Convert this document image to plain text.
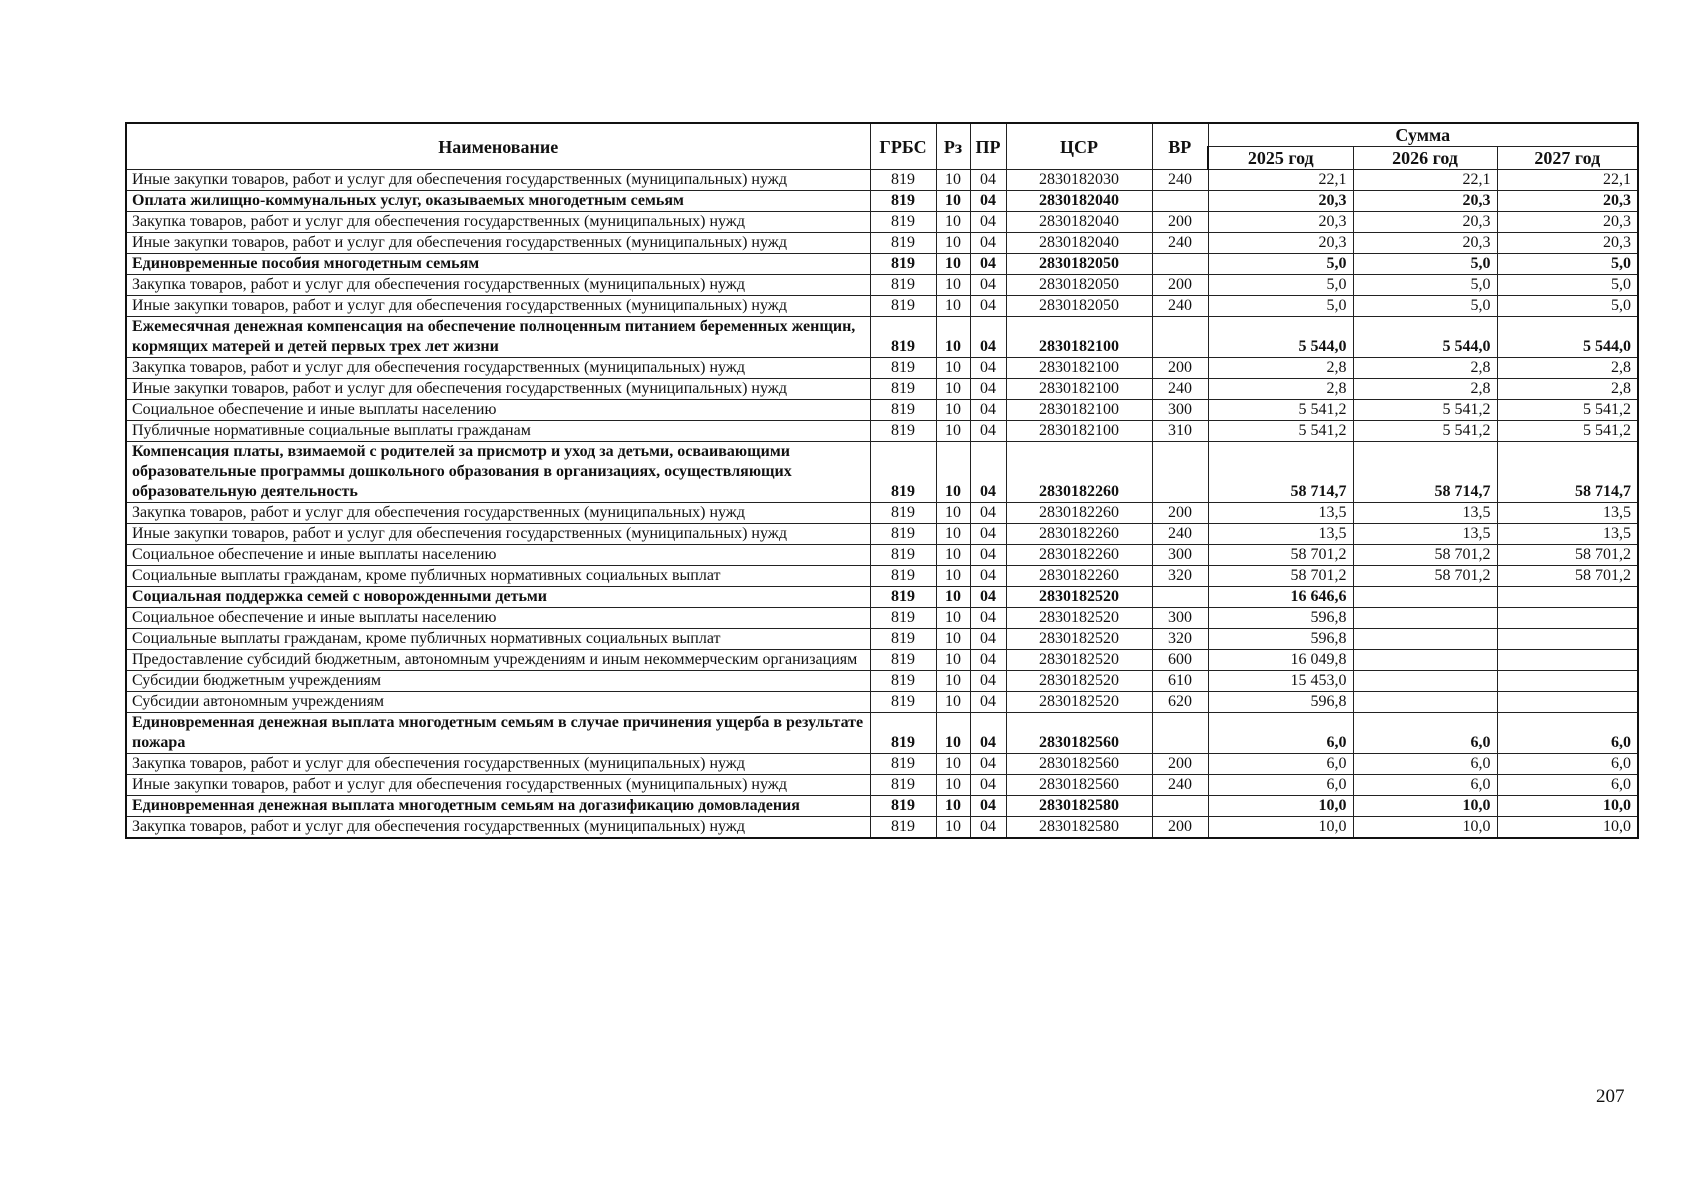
Наименование	ГРБС	Рз	ПР	ЦСР	ВР	Сумма		
						2025 год	2026 год	2027 год
Иные закупки товаров, работ и услуг для обеспечения государственных (муниципальных) нужд	819	10	04	2830182030	240	22,1	22,1	22,1
Оплата жилищно-коммунальных услуг, оказываемых многодетным семьям	819	10	04	2830182040		20,3	20,3	20,3
Закупка товаров, работ и услуг для обеспечения государственных (муниципальных) нужд	819	10	04	2830182040	200	20,3	20,3	20,3
Иные закупки товаров, работ и услуг для обеспечения государственных (муниципальных) нужд	819	10	04	2830182040	240	20,3	20,3	20,3
Единовременные пособия многодетным семьям	819	10	04	2830182050		5,0	5,0	5,0
Закупка товаров, работ и услуг для обеспечения государственных (муниципальных) нужд	819	10	04	2830182050	200	5,0	5,0	5,0
Иные закупки товаров, работ и услуг для обеспечения государственных (муниципальных) нужд	819	10	04	2830182050	240	5,0	5,0	5,0
Ежемесячная денежная компенсация на обеспечение полноценным питанием беременных женщин, кормящих матерей и детей первых трех лет жизни	819	10	04	2830182100		5 544,0	5 544,0	5 544,0
Закупка товаров, работ и услуг для обеспечения государственных (муниципальных) нужд	819	10	04	2830182100	200	2,8	2,8	2,8
Иные закупки товаров, работ и услуг для обеспечения государственных (муниципальных) нужд	819	10	04	2830182100	240	2,8	2,8	2,8
Социальное обеспечение и иные выплаты населению	819	10	04	2830182100	300	5 541,2	5 541,2	5 541,2
Публичные нормативные социальные выплаты гражданам	819	10	04	2830182100	310	5 541,2	5 541,2	5 541,2
Компенсация платы, взимаемой с родителей за присмотр и уход за детьми, осваивающими образовательные программы дошкольного образования в организациях, осуществляющих образовательную деятельность	819	10	04	2830182260		58 714,7	58 714,7	58 714,7
Закупка товаров, работ и услуг для обеспечения государственных (муниципальных) нужд	819	10	04	2830182260	200	13,5	13,5	13,5
Иные закупки товаров, работ и услуг для обеспечения государственных (муниципальных) нужд	819	10	04	2830182260	240	13,5	13,5	13,5
Социальное обеспечение и иные выплаты населению	819	10	04	2830182260	300	58 701,2	58 701,2	58 701,2
Социальные выплаты гражданам, кроме публичных нормативных социальных выплат	819	10	04	2830182260	320	58 701,2	58 701,2	58 701,2
Социальная поддержка семей с новорожденными детьми	819	10	04	2830182520		16 646,6		
Социальное обеспечение и иные выплаты населению	819	10	04	2830182520	300	596,8		
Социальные выплаты гражданам, кроме публичных нормативных социальных выплат	819	10	04	2830182520	320	596,8		
Предоставление субсидий бюджетным, автономным учреждениям и иным некоммерческим организациям	819	10	04	2830182520	600	16 049,8		
Субсидии бюджетным учреждениям	819	10	04	2830182520	610	15 453,0		
Субсидии автономным учреждениям	819	10	04	2830182520	620	596,8		
Единовременная денежная выплата многодетным семьям в случае причинения ущерба в результате пожара	819	10	04	2830182560		6,0	6,0	6,0
Закупка товаров, работ и услуг для обеспечения государственных (муниципальных) нужд	819	10	04	2830182560	200	6,0	6,0	6,0
Иные закупки товаров, работ и услуг для обеспечения государственных (муниципальных) нужд	819	10	04	2830182560	240	6,0	6,0	6,0
Единовременная денежная выплата многодетным семьям на догазификацию домовладения	819	10	04	2830182580		10,0	10,0	10,0
Закупка товаров, работ и услуг для обеспечения государственных (муниципальных) нужд	819	10	04	2830182580	200	10,0	10,0	10,0
207
